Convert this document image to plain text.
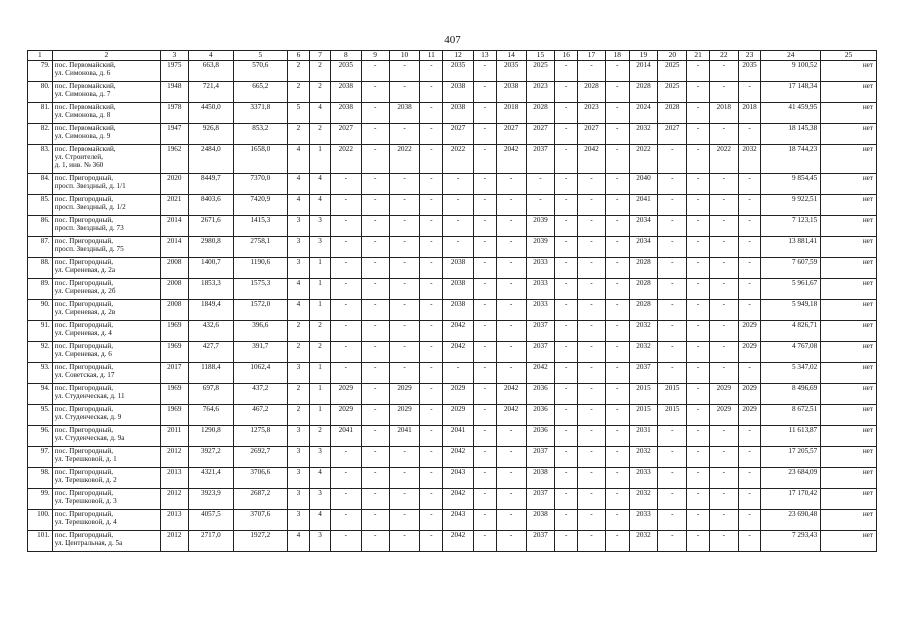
407
1	2	3	4	5	6	7	8	9	10	11	12	13	14	15	16	17	18	19	20	21	22	23	24	25
79.	пос. Первомайский,
ул. Симонова, д. 6	1975	663,8	570,6	2	2	2035	-	-	-	2035	-	2035	2025	-	-	-	2014	2025	-	-	2035	9 100,52	нет
80.	пос. Первомайский,
ул. Симонова, д. 7	1948	721,4	665,2	2	2	2038	-	-	-	2038	-	2038	2023	-	2028	-	2028	2025	-	-	-	17 148,34	нет
81.	пос. Первомайский,
ул. Симонова, д. 8	1978	4450,0	3371,8	5	4	2038	-	2038	-	2038	-	2018	2028	-	2023	-	2024	2028	-	2018	2018	41 459,95	нет
82.	пос. Первомайский,
ул. Симонова, д. 9	1947	926,8	853,2	2	2	2027	-	-	-	2027	-	2027	2027	-	2027	-	2032	2027	-	-	-	18 145,38	нет
83.	пос. Первомайский,
ул. Строителей,
д. 1, инв. № 360	1962	2484,0	1658,0	4	1	2022	-	2022	-	2022	-	2042	2037	-	2042	-	2022	-	-	2022	2032	18 744,23	нет
84.	пос. Пригородный,
просп. Звездный, д. 1/1	2020	8449,7	7370,0	4	4	-	-	-	-	-	-	-	-	-	-	-	2040	-	-	-	-	9 854,45	нет
85.	пос. Пригородный,
просп. Звездный, д. 1/2	2021	8403,6	7420,9	4	4	-	-	-	-	-	-	-	-	-	-	-	2041	-	-	-	-	9 922,51	нет
86.	пос. Пригородный,
просп. Звездный, д. 73	2014	2671,6	1415,3	3	3	-	-	-	-	-	-	-	2039	-	-	-	2034	-	-	-	-	7 123,15	нет
87.	пос. Пригородный,
просп. Звездный, д. 75	2014	2980,8	2758,1	3	3	-	-	-	-	-	-	-	2039	-	-	-	2034	-	-	-	-	13 881,41	нет
88.	пос. Пригородный,
ул. Сиреневая, д. 2а	2008	1400,7	1190,6	3	1	-	-	-	-	2038	-	-	2033	-	-	-	2028	-	-	-	-	7 607,59	нет
89.	пос. Пригородный,
ул. Сиреневая, д. 2б	2008	1853,3	1575,3	4	1	-	-	-	-	2038	-	-	2033	-	-	-	2028	-	-	-	-	5 961,67	нет
90.	пос. Пригородный,
ул. Сиреневая, д. 2в	2008	1849,4	1572,0	4	1	-	-	-	-	2038	-	-	2033	-	-	-	2028	-	-	-	-	5 949,18	нет
91.	пос. Пригородный,
ул. Сиреневая, д. 4	1969	432,6	396,6	2	2	-	-	-	-	2042	-	-	2037	-	-	-	2032	-	-	-	2029	4 826,71	нет
92.	пос. Пригородный,
ул. Сиреневая, д. 6	1969	427,7	391,7	2	2	-	-	-	-	2042	-	-	2037	-	-	-	2032	-	-	-	2029	4 767,08	нет
93.	пос. Пригородный,
ул. Советская, д. 17	2017	1188,4	1062,4	3	1	-	-	-	-	-	-	-	2042	-	-	-	2037	-	-	-	-	5 347,02	нет
94.	пос. Пригородный,
ул. Студенческая, д. 11	1969	697,8	437,2	2	1	2029	-	2029	-	2029	-	2042	2036	-	-	-	2015	2015	-	2029	2029	8 496,69	нет
95.	пос. Пригородный,
ул. Студенческая, д. 9	1969	764,6	467,2	2	1	2029	-	2029	-	2029	-	2042	2036	-	-	-	2015	2015	-	2029	2029	8 672,51	нет
96.	пос. Пригородный,
ул. Студенческая, д. 9а	2011	1290,8	1275,8	3	2	2041	-	2041	-	2041	-	-	2036	-	-	-	2031	-	-	-	-	11 613,87	нет
97.	пос. Пригородный,
ул. Терешковой, д. 1	2012	3927,2	2692,7	3	3	-	-	-	-	2042	-	-	2037	-	-	-	2032	-	-	-	-	17 205,57	нет
98.	пос. Пригородный,
ул. Терешковой, д. 2	2013	4321,4	3706,6	3	4	-	-	-	-	2043	-	-	2038	-	-	-	2033	-	-	-	-	23 684,09	нет
99.	пос. Пригородный,
ул. Терешковой, д. 3	2012	3923,9	2687,2	3	3	-	-	-	-	2042	-	-	2037	-	-	-	2032	-	-	-	-	17 170,42	нет
100.	пос. Пригородный,
ул. Терешковой, д. 4	2013	4057,5	3707,6	3	4	-	-	-	-	2043	-	-	2038	-	-	-	2033	-	-	-	-	23 690,48	нет
101.	пос. Пригородный,
ул. Центральная, д. 5а	2012	2717,0	1927,2	4	3	-	-	-	-	2042	-	-	2037	-	-	-	2032	-	-	-	-	7 293,43	нет
